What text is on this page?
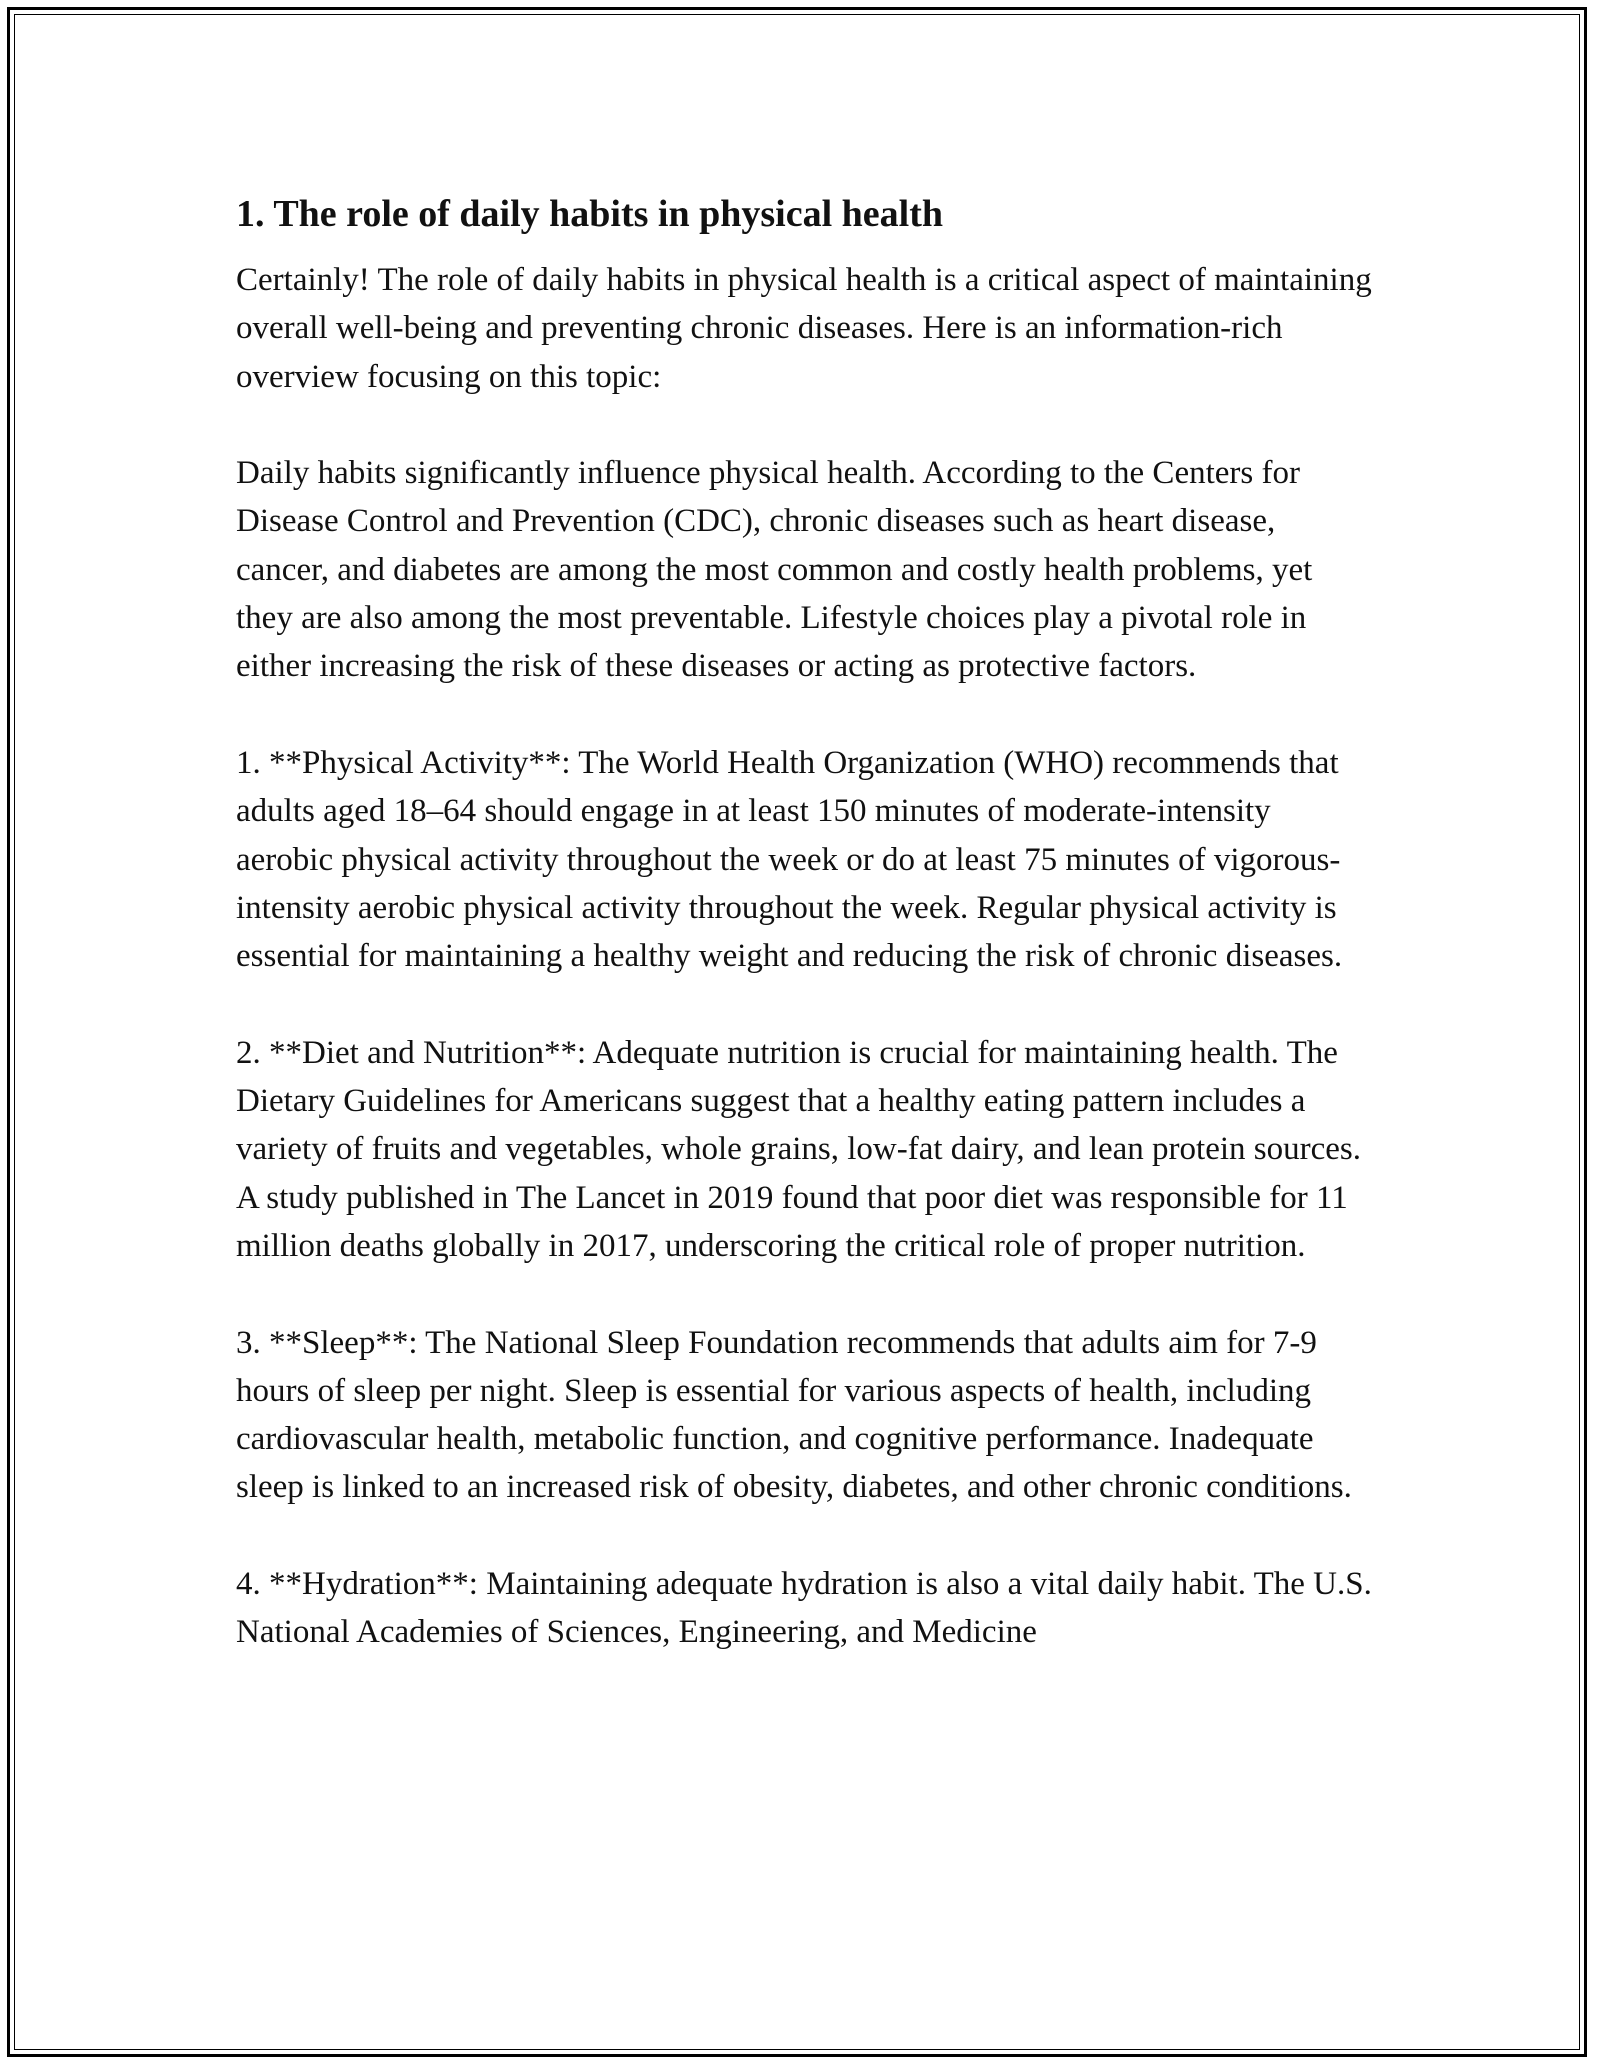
1. The role of daily habits in physical health

Certainly! The role of daily habits in physical health is a critical aspect of maintaining overall well-being and preventing chronic diseases. Here is an information-rich overview focusing on this topic:

Daily habits significantly influence physical health. According to the Centers for Disease Control and Prevention (CDC), chronic diseases such as heart disease, cancer, and diabetes are among the most common and costly health problems, yet they are also among the most preventable. Lifestyle choices play a pivotal role in either increasing the risk of these diseases or acting as protective factors.

1. **Physical Activity**: The World Health Organization (WHO) recommends that adults aged 18–64 should engage in at least 150 minutes of moderate-intensity aerobic physical activity throughout the week or do at least 75 minutes of vigorous-intensity aerobic physical activity throughout the week. Regular physical activity is essential for maintaining a healthy weight and reducing the risk of chronic diseases.

2. **Diet and Nutrition**: Adequate nutrition is crucial for maintaining health. The Dietary Guidelines for Americans suggest that a healthy eating pattern includes a variety of fruits and vegetables, whole grains, low-fat dairy, and lean protein sources. A study published in The Lancet in 2019 found that poor diet was responsible for 11 million deaths globally in 2017, underscoring the critical role of proper nutrition.

3. **Sleep**: The National Sleep Foundation recommends that adults aim for 7-9 hours of sleep per night. Sleep is essential for various aspects of health, including cardiovascular health, metabolic function, and cognitive performance. Inadequate sleep is linked to an increased risk of obesity, diabetes, and other chronic conditions.

4. **Hydration**: Maintaining adequate hydration is also a vital daily habit. The U.S. National Academies of Sciences, Engineering, and Medicine
